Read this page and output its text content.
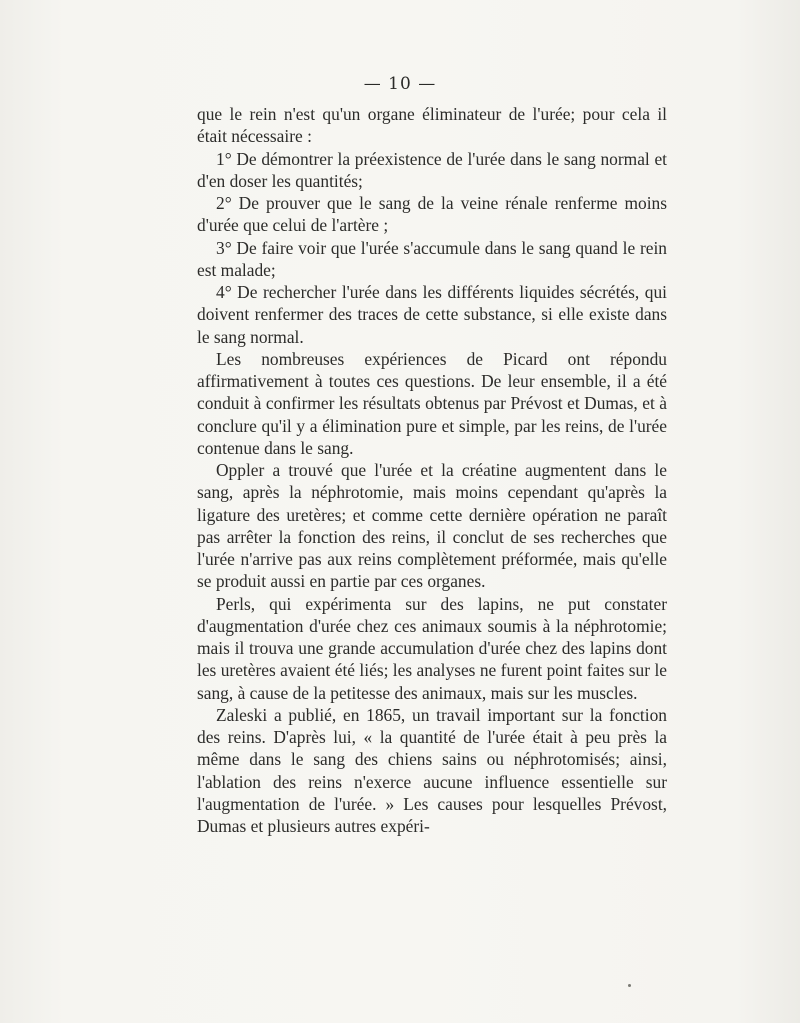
— 10 —

que le rein n'est qu'un organe éliminateur de l'urée; pour cela il était nécessaire :

1° De démontrer la préexistence de l'urée dans le sang normal et d'en doser les quantités;

2° De prouver que le sang de la veine rénale renferme moins d'urée que celui de l'artère ;

3° De faire voir que l'urée s'accumule dans le sang quand le rein est malade;

4° De rechercher l'urée dans les différents liquides sécrétés, qui doivent renfermer des traces de cette substance, si elle existe dans le sang normal.

Les nombreuses expériences de Picard ont répondu affirmativement à toutes ces questions. De leur ensemble, il a été conduit à confirmer les résultats obtenus par Prévost et Dumas, et à conclure qu'il y a élimination pure et simple, par les reins, de l'urée contenue dans le sang.

Oppler a trouvé que l'urée et la créatine augmentent dans le sang, après la néphrotomie, mais moins cependant qu'après la ligature des uretères; et comme cette dernière opération ne paraît pas arrêter la fonction des reins, il conclut de ses recherches que l'urée n'arrive pas aux reins complètement préformée, mais qu'elle se produit aussi en partie par ces organes.

Perls, qui expérimenta sur des lapins, ne put constater d'augmentation d'urée chez ces animaux soumis à la néphrotomie; mais il trouva une grande accumulation d'urée chez des lapins dont les uretères avaient été liés; les analyses ne furent point faites sur le sang, à cause de la petitesse des animaux, mais sur les muscles.

Zaleski a publié, en 1865, un travail important sur la fonction des reins. D'après lui, « la quantité de l'urée était à peu près la même dans le sang des chiens sains ou néphrotomisés; ainsi, l'ablation des reins n'exerce aucune influence essentielle sur l'augmentation de l'urée. » Les causes pour lesquelles Prévost, Dumas et plusieurs autres expéri-
